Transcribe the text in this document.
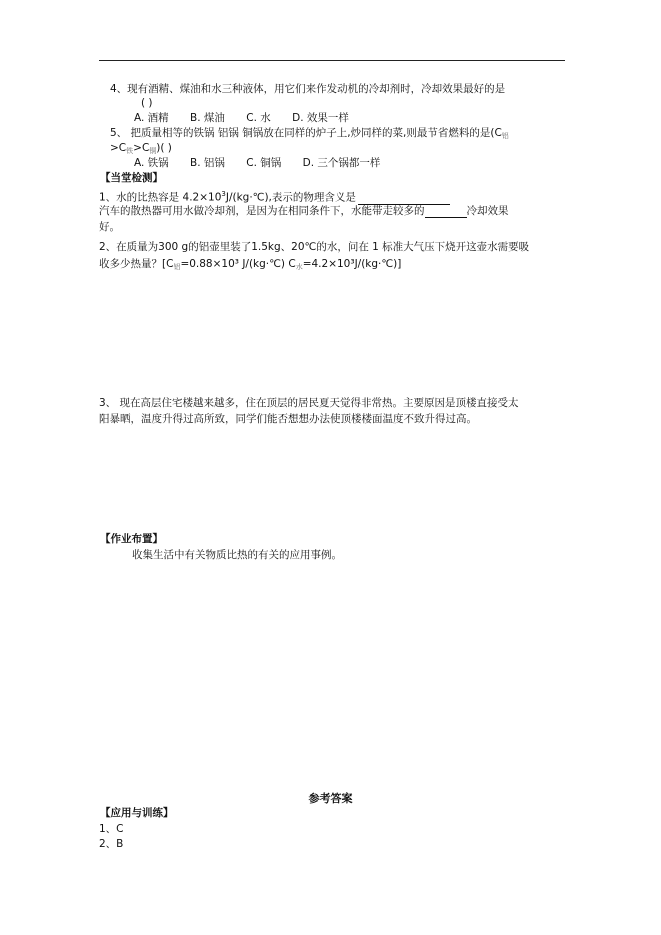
4、现有酒精、煤油和水三种液体，用它们来作发动机的冷却剂时，冷却效果最好的是
( )
A. 酒精 B. 煤油 C. 水 D. 效果一样
5、 把质量相等的铁锅 铝锅 铜锅放在同样的炉子上,炒同样的菜,则最节省燃料的是($C_铝$
$>C_铁>C_铜$)( )
A. 铁锅 B. 铝锅 C. 铜锅 D. 三个锅都一样
【当堂检测】
1、水的比热容是 $4.2\times 10^3J/(kg\cdot℃)$,表示的物理含义是
汽车的散热器可用水做冷却剂，是因为在相同条件下，水能带走较多的	冷却效果
好。
2、在质量为300 g的铝壶里装了1.5kg、20℃的水，问在 1 标准大气压下烧开这壶水需要吸
收多少热量？[$C_铝=0.88\times 10^3$ J/(kg·℃) $C_水=4.2\times 10^3J/(kg\cdot℃)$]
3、 现在高层住宅楼越来越多，住在顶层的居民夏天觉得非常热。主要原因是顶楼直接受太
阳暴晒，温度升得过高所致，同学们能否想想办法使顶楼楼面温度不致升得过高。
【作业布置】
收集生活中有关物质比热的有关的应用事例。
参考答案
【应用与训练】
1、C
2、B
